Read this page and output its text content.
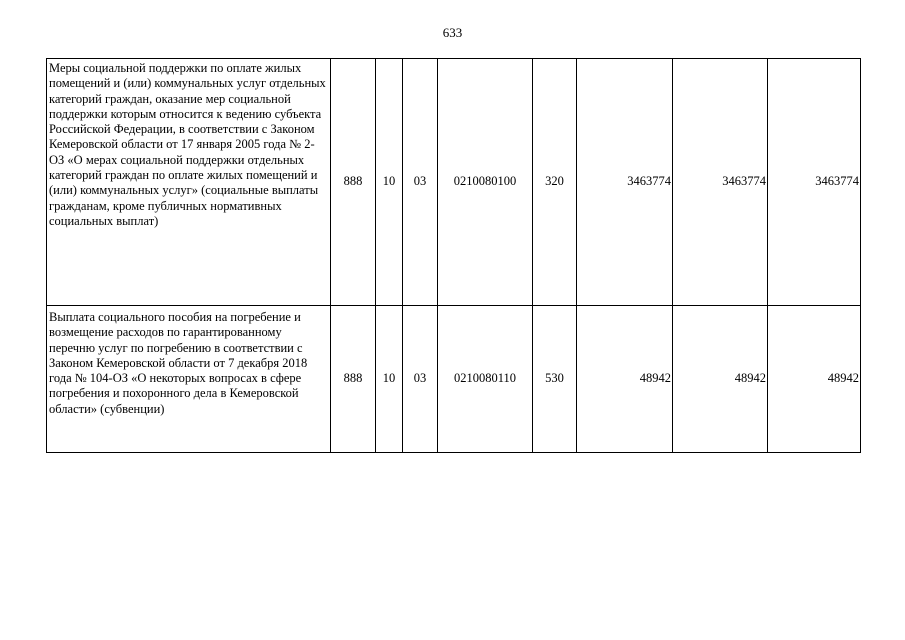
633
Меры социальной поддержки по оплате жилых помещений и (или) коммунальных услуг отдельных категорий граждан, оказание мер социальной поддержки которым относится к ведению субъекта Российской Федерации, в соответствии с Законом Кемеровской области от 17 января 2005 года № 2-ОЗ «О мерах социальной поддержки отдельных категорий граждан по оплате жилых помещений и (или) коммунальных услуг» (социальные выплаты гражданам, кроме публичных нормативных социальных выплат)	888	10	03	0210080100	320	3463774	3463774	3463774
Выплата социального пособия на погребение и возмещение расходов по гарантированному перечню услуг по погребению в соответствии с Законом Кемеровской области от 7 декабря 2018 года № 104-ОЗ «О некоторых вопросах в сфере погребения и похоронного дела в Кемеровской области» (субвенции)	888	10	03	0210080110	530	48942	48942	48942
